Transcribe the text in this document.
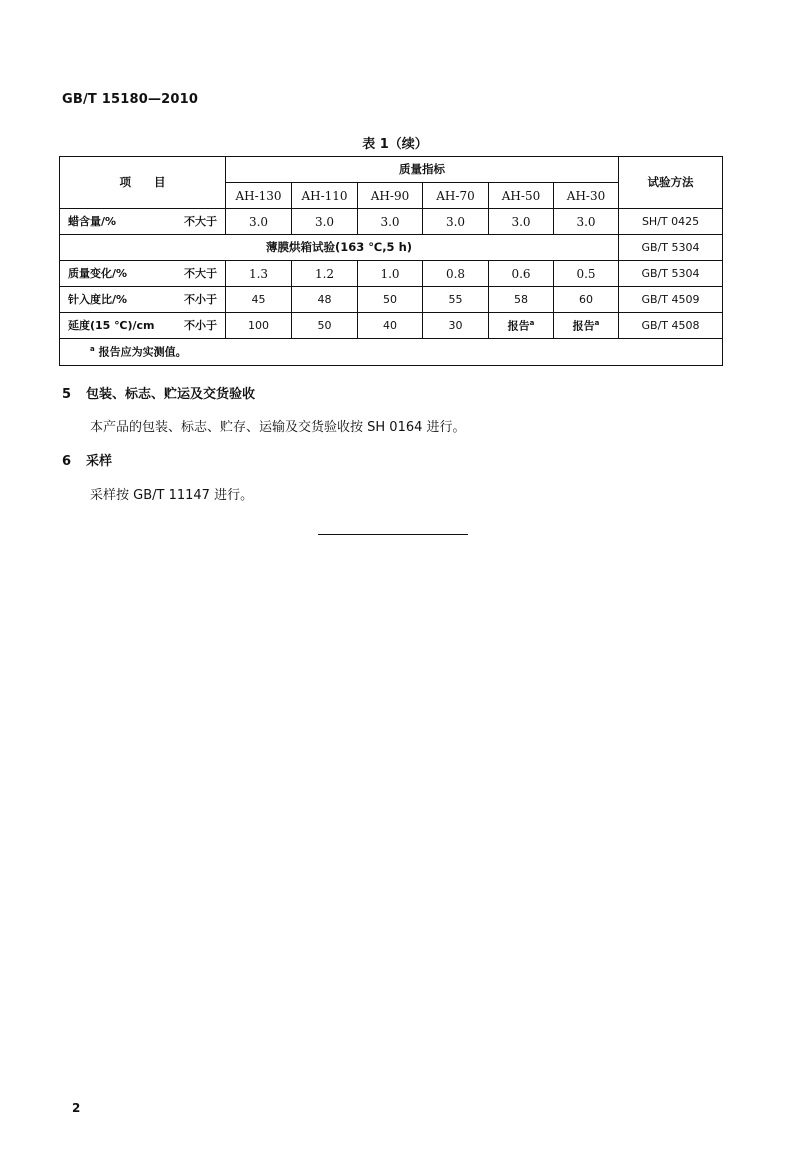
GB/T 15180—2010
表 1（续）
项　　目	质量指标						试验方法
	AH-130	AH-110	AH-90	AH-70	AH-50	AH-30	
蜡含量/% 不大于	3.0	3.0	3.0	3.0	3.0	3.0	SH/T 0425
薄膜烘箱试验(163 ℃,5 h)							GB/T 5304
质量变化/% 不大于	1.3	1.2	1.0	0.8	0.6	0.5	GB/T 5304
针入度比/% 不小于	45	48	50	55	58	60	GB/T 4509
延度(15 ℃)/cm 不小于	100	50	40	30	报告$^a$	报告$^a$	GB/T 4508
$^a$ 报告应为实测值。							
5 包装、标志、贮运及交货验收
本产品的包装、标志、贮存、运输及交货验收按 SH 0164 进行。
6 采样
采样按 GB/T 11147 进行。
2
